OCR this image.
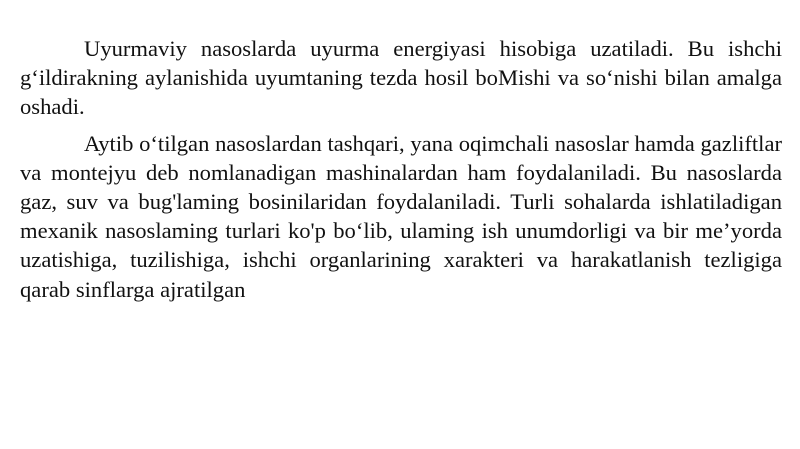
Uyurmaviy nasoslarda uyurma energiyasi hisobiga uzatiladi. Bu ishchi g‘ildirakning aylanishida uyumtaning tezda hosil boMishi va so‘nishi bilan amalga oshadi.

Aytib o‘tilgan nasoslardan tashqari, yana oqimchali nasoslar hamda gazliftlar va montejyu deb nomlanadigan mashinalardan ham foydalaniladi. Bu nasoslarda gaz, suv va bug'laming bosinilaridan foydalaniladi. Turli sohalarda ishlatiladigan mexanik nasoslaming turlari ko'p bo‘lib, ulaming ish unumdorligi va bir me’yorda uzatishiga, tuzilishiga, ishchi organlarining xarakteri va harakatlanish tezligiga qarab sinflarga ajratilgan
